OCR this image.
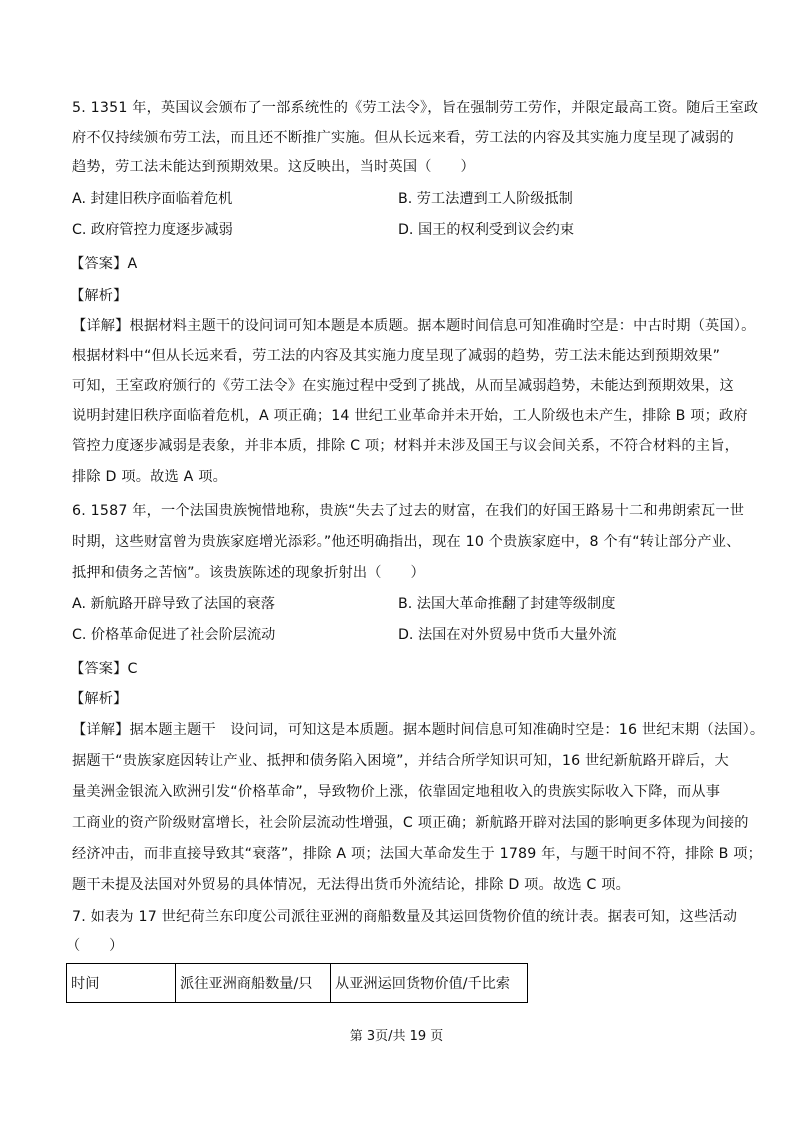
5. 1351 年，英国议会颁布了一部系统性的《劳工法令》，旨在强制劳工劳作，并限定最高工资。随后王室政
府不仅持续颁布劳工法，而且还不断推广实施。但从长远来看，劳工法的内容及其实施力度呈现了减弱的
趋势，劳工法未能达到预期效果。这反映出，当时英国（　　）
A. 封建旧秩序面临着危机	B. 劳工法遭到工人阶级抵制
C. 政府管控力度逐步减弱	D. 国王的权利受到议会约束
【答案】A
【解析】
【详解】根据材料主题干的设问词可知本题是本质题。据本题时间信息可知准确时空是：中古时期（英国）。
根据材料中“但从长远来看，劳工法的内容及其实施力度呈现了减弱的趋势，劳工法未能达到预期效果”
可知，王室政府颁行的《劳工法令》在实施过程中受到了挑战，从而呈减弱趋势，未能达到预期效果，这
说明封建旧秩序面临着危机，A 项正确；14 世纪工业革命并未开始，工人阶级也未产生，排除 B 项；政府
管控力度逐步减弱是表象，并非本质，排除 C 项；材料并未涉及国王与议会间关系，不符合材料的主旨，
排除 D 项。故选 A 项。
6. 1587 年，一个法国贵族惋惜地称，贵族“失去了过去的财富，在我们的好国王路易十二和弗朗索瓦一世
时期，这些财富曾为贵族家庭增光添彩。”他还明确指出，现在 10 个贵族家庭中，8 个有“转让部分产业、
抵押和债务之苦恼”。该贵族陈述的现象折射出（　　）
A. 新航路开辟导致了法国的衰落	B. 法国大革命推翻了封建等级制度
C. 价格革命促进了社会阶层流动	D. 法国在对外贸易中货币大量外流
【答案】C
【解析】
【详解】据本题主题干　设问词，可知这是本质题。据本题时间信息可知准确时空是：16 世纪末期（法国）。
据题干“贵族家庭因转让产业、抵押和债务陷入困境”，并结合所学知识可知，16 世纪新航路开辟后，大
量美洲金银流入欧洲引发“价格革命”，导致物价上涨，依靠固定地租收入的贵族实际收入下降，而从事
工商业的资产阶级财富增长，社会阶层流动性增强，C 项正确；新航路开辟对法国的影响更多体现为间接的
经济冲击，而非直接导致其“衰落”，排除 A 项；法国大革命发生于 1789 年，与题干时间不符，排除 B 项；
题干未提及法国对外贸易的具体情况，无法得出货币外流结论，排除 D 项。故选 C 项。
7. 如表为 17 世纪荷兰东印度公司派往亚洲的商船数量及其运回货物价值的统计表。据表可知，这些活动
（　　）
时间	派往亚洲商船数量/只	从亚洲运回货物价值/千比索
第 3页/共 19 页
